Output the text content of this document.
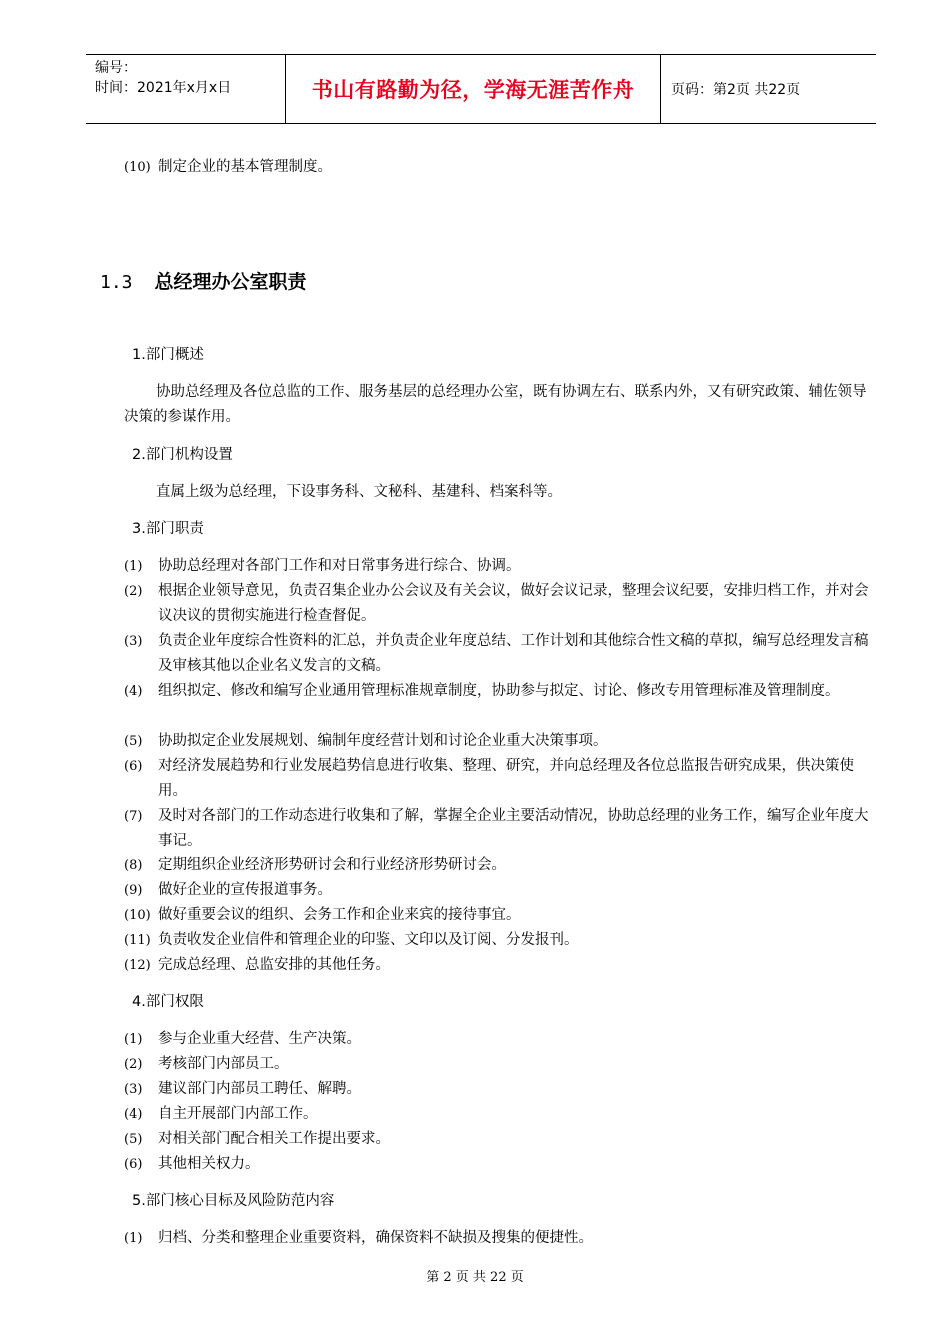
编号：
时间：2021年x月x日	书山有路勤为径，学海无涯苦作舟	页码：第2页 共22页
(10) 制定企业的基本管理制度。
1.3 总经理办公室职责
1.部门概述
协助总经理及各位总监的工作、服务基层的总经理办公室，既有协调左右、联系内外，又有研究政策、辅佐领导决策的参谋作用。
2.部门机构设置
直属上级为总经理，下设事务科、文秘科、基建科、档案科等。
3.部门职责
(1)	协助总经理对各部门工作和对日常事务进行综合、协调。
(2)	根据企业领导意见，负责召集企业办公会议及有关会议，做好会议记录，整理会议纪要，安排归档工作，并对会议决议的贯彻实施进行检查督促。
(3)	负责企业年度综合性资料的汇总，并负责企业年度总结、工作计划和其他综合性文稿的草拟，编写总经理发言稿及审核其他以企业名义发言的文稿。
(4)	组织拟定、修改和编写企业通用管理标准规章制度，协助参与拟定、讨论、修改专用管理标准及管理制度。
(5)	协助拟定企业发展规划、编制年度经营计划和讨论企业重大决策事项。
(6)	对经济发展趋势和行业发展趋势信息进行收集、整理、研究，并向总经理及各位总监报告研究成果，供决策使用。
(7)	及时对各部门的工作动态进行收集和了解，掌握全企业主要活动情况，协助总经理的业务工作，编写企业年度大事记。
(8)	定期组织企业经济形势研讨会和行业经济形势研讨会。
(9)	做好企业的宣传报道事务。
(10) 做好重要会议的组织、会务工作和企业来宾的接待事宜。
(11) 负责收发企业信件和管理企业的印鉴、文印以及订阅、分发报刊。
(12) 完成总经理、总监安排的其他任务。
4.部门权限
(1)	参与企业重大经营、生产决策。
(2)	考核部门内部员工。
(3)	建议部门内部员工聘任、解聘。
(4)	自主开展部门内部工作。
(5)	对相关部门配合相关工作提出要求。
(6)	其他相关权力。
5.部门核心目标及风险防范内容
(1)	归档、分类和整理企业重要资料，确保资料不缺损及搜集的便捷性。
第 2 页 共 22 页
